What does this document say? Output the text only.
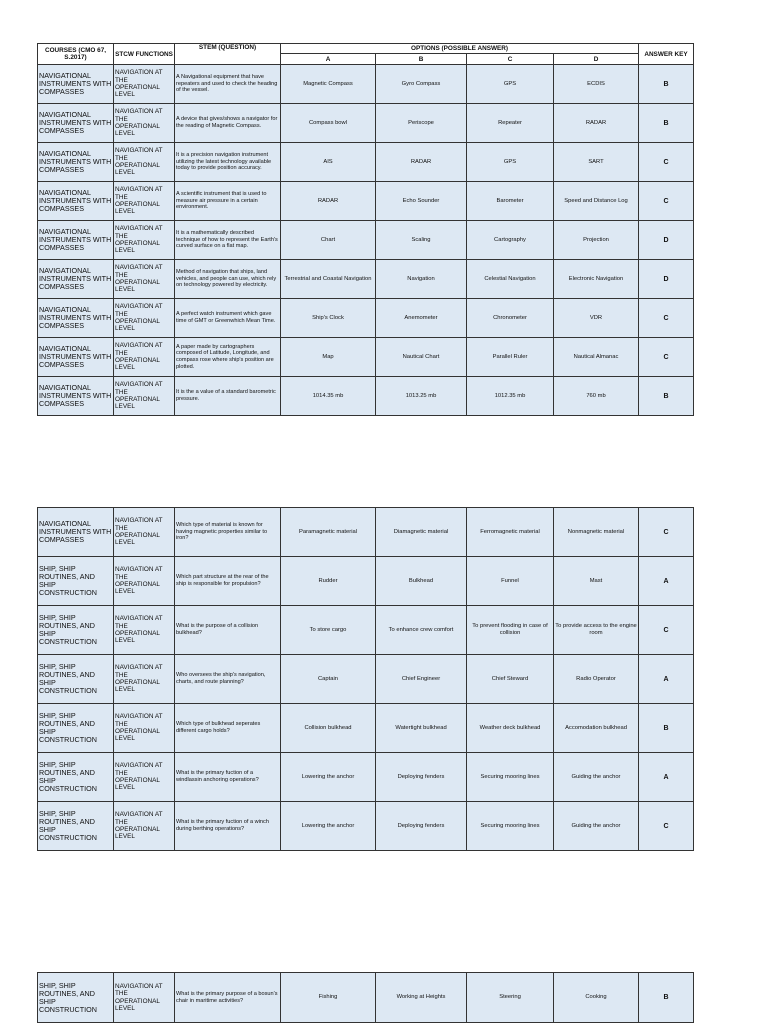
COURSES (CMO 67, S.2017)	STCW FUNCTIONS	STEM (QUESTION)	OPTIONS (POSSIBLE ANSWER)				ANSWER KEY
			A	B	C	D	
NAVIGATIONAL INSTRUMENTS WITH COMPASSES	NAVIGATION AT THE OPERATIONAL LEVEL	A Navigational equipment that have repeaters and used to check the heading of the vessel.	Magnetic Compass	Gyro Compass	GPS	ECDIS	B
NAVIGATIONAL INSTRUMENTS WITH COMPASSES	NAVIGATION AT THE OPERATIONAL LEVEL	A device that gives/shows a navigator for the reading of Magnetic Compass.	Compass bowl	Periscope	Repeater	RADAR	B
NAVIGATIONAL INSTRUMENTS WITH COMPASSES	NAVIGATION AT THE OPERATIONAL LEVEL	It is a precision navigation instrument utilizing the latest technology available today to provide position accuracy.	AIS	RADAR	GPS	SART	C
NAVIGATIONAL INSTRUMENTS WITH COMPASSES	NAVIGATION AT THE OPERATIONAL LEVEL	A scientific instrument that is used to measure air pressure in a certain environment.	RADAR	Echo Sounder	Barometer	Speed and Distance Log	C
NAVIGATIONAL INSTRUMENTS WITH COMPASSES	NAVIGATION AT THE OPERATIONAL LEVEL	It is a mathematically described technique of how to represent the Earth's curved surface on a flat map.	Chart	Scaling	Cartography	Projection	D
NAVIGATIONAL INSTRUMENTS WITH COMPASSES	NAVIGATION AT THE OPERATIONAL LEVEL	Method of navigation that ships, land vehicles, and people can use, which rely on technology powered by electricity.	Terrestrial and Coastal Navigation	Navigation	Celestial Navigation	Electronic Navigation	D
NAVIGATIONAL INSTRUMENTS WITH COMPASSES	NAVIGATION AT THE OPERATIONAL LEVEL	A perfect watch instrument which gave time of GMT or Greenwhich Mean Time.	Ship's Clock	Anemometer	Chronometer	VDR	C
NAVIGATIONAL INSTRUMENTS WITH COMPASSES	NAVIGATION AT THE OPERATIONAL LEVEL	A paper made by cartographers composed of Latitude, Longitude, and compass rose where ship's position are plotted.	Map	Nautical Chart	Parallel Ruler	Nautical Almanac	C
NAVIGATIONAL INSTRUMENTS WITH COMPASSES	NAVIGATION AT THE OPERATIONAL LEVEL	It is the a value of a standard barometric pressure.	1014.35 mb	1013.25 mb	1012.35 mb	760 mb	B
NAVIGATIONAL INSTRUMENTS WITH COMPASSES	NAVIGATION AT THE OPERATIONAL LEVEL	Which type of material is known for having magnetic properties similar to iron?	Paramagnetic material	Diamagnetic material	Ferromagnetic material	Nonmagnetic material	C
SHIP, SHIP ROUTINES, AND SHIP CONSTRUCTION	NAVIGATION AT THE OPERATIONAL LEVEL	Which part structure at the rear of the ship is responsible for propulsion?	Rudder	Bulkhead	Funnel	Mast	A
SHIP, SHIP ROUTINES, AND SHIP CONSTRUCTION	NAVIGATION AT THE OPERATIONAL LEVEL	What is the purpose of a collision bulkhead?	To store cargo	To enhance crew comfort	To prevent flooding in case of collision	To provide access to the engine room	C
SHIP, SHIP ROUTINES, AND SHIP CONSTRUCTION	NAVIGATION AT THE OPERATIONAL LEVEL	Who oversees the ship's navigation, charts, and route planning?	Captain	Chief Engineer	Chief Steward	Radio Operator	A
SHIP, SHIP ROUTINES, AND SHIP CONSTRUCTION	NAVIGATION AT THE OPERATIONAL LEVEL	Which type of bulkhead seperates different cargo holds?	Collision bulkhead	Watertight bulkhead	Weather deck bulkhead	Accomodation bulkhead	B
SHIP, SHIP ROUTINES, AND SHIP CONSTRUCTION	NAVIGATION AT THE OPERATIONAL LEVEL	What is the primary fuction of a windlassin anchoring operations?	Lowering the anchor	Deploying fenders	Securing mooring lines	Guiding the anchor	A
SHIP, SHIP ROUTINES, AND SHIP CONSTRUCTION	NAVIGATION AT THE OPERATIONAL LEVEL	What is the primary fuction of a winch during berthing operations?	Lowering the anchor	Deploying fenders	Securing mooring lines	Guiding the anchor	C
SHIP, SHIP ROUTINES, AND SHIP CONSTRUCTION	NAVIGATION AT THE OPERATIONAL LEVEL	What is the primary purpose of a bosun's chair in maritime activities?	Fishing	Working at Heights	Steering	Cooking	B
